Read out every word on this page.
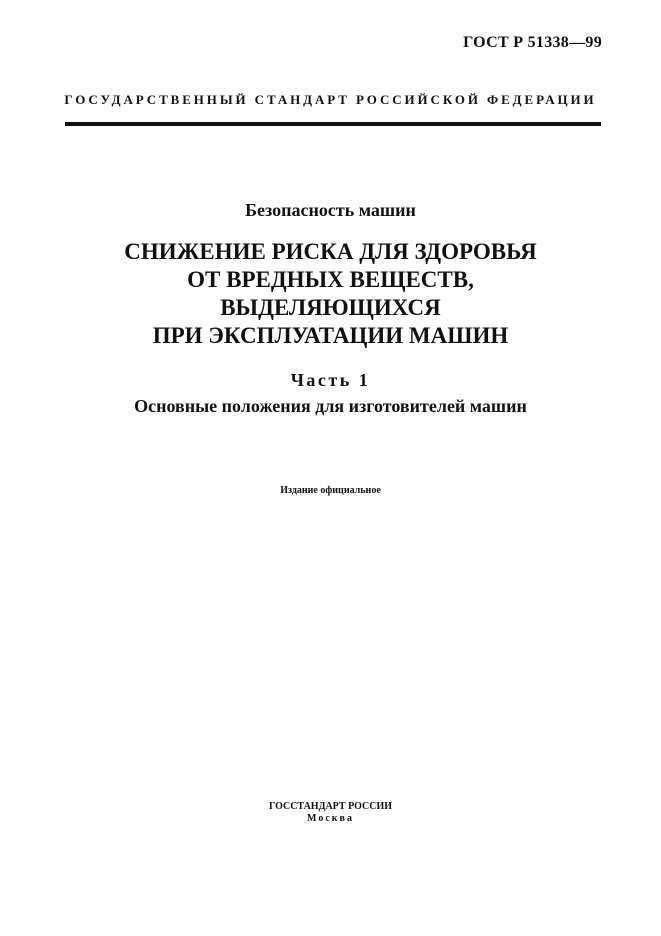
ГОСТ Р 51338—99
ГОСУДАРСТВЕННЫЙ СТАНДАРТ РОССИЙСКОЙ ФЕДЕРАЦИИ
Безопасность машин
СНИЖЕНИЕ РИСКА ДЛЯ ЗДОРОВЬЯ
ОТ ВРЕДНЫХ ВЕЩЕСТВ,
ВЫДЕЛЯЮЩИХСЯ
ПРИ ЭКСПЛУАТАЦИИ МАШИН
Часть 1
Основные положения для изготовителей машин
Издание официальное
ГОССТАНДАРТ РОССИИ
Москва
